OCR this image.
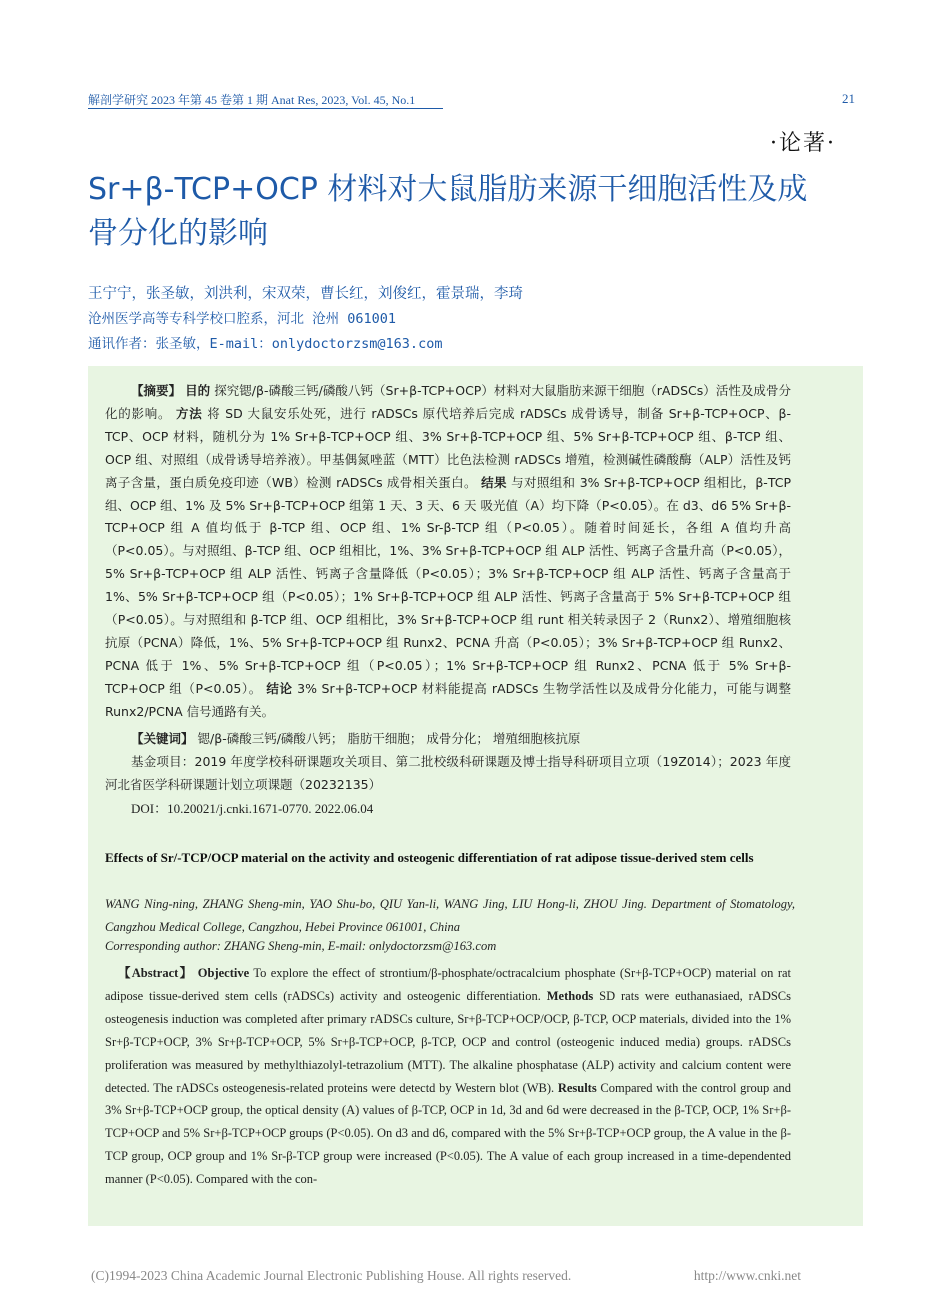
解剖学研究 2023 年第 45 卷第 1 期 Anat Res, 2023, Vol. 45, No.1	21
·论著·
Sr+β-TCP+OCP 材料对大鼠脂肪来源干细胞活性及成骨分化的影响
王宁宁，张圣敏，刘洪利，宋双荣，曹长红，刘俊红，霍景瑞，李琦
沧州医学高等专科学校口腔系，河北 沧州 061001
通讯作者：张圣敏，E-mail：onlydoctorzsm@163.com
【摘要】 目的 探究锶/β-磷酸三钙/磷酸八钙（Sr+β-TCP+OCP）材料对大鼠脂肪来源干细胞（rADSCs）活性及成骨分化的影响。 方法 将 SD 大鼠安乐处死，进行 rADSCs 原代培养后完成 rADSCs 成骨诱导，制备 Sr+β-TCP+OCP、β-TCP、OCP 材料，随机分为 1% Sr+β-TCP+OCP 组、3% Sr+β-TCP+OCP 组、5% Sr+β-TCP+OCP 组、β-TCP 组、OCP 组、对照组（成骨诱导培养液）。甲基偶氮唑蓝（MTT）比色法检测 rADSCs 增殖，检测碱性磷酸酶（ALP）活性及钙离子含量，蛋白质免疫印迹（WB）检测 rADSCs 成骨相关蛋白。 结果 与对照组和 3% Sr+β-TCP+OCP 组相比，β-TCP 组、OCP 组、1% 及 5% Sr+β-TCP+OCP 组第 1 天、3 天、6 天 吸光值（A）均下降（P<0.05）。在 d3、d6 5% Sr+β-TCP+OCP 组 A 值均低于 β-TCP 组、OCP 组、1% Sr-β-TCP 组（P<0.05）。随着时间延长，各组 A 值均升高（P<0.05）。与对照组、β-TCP 组、OCP 组相比，1%、3% Sr+β-TCP+OCP 组 ALP 活性、钙离子含量升高（P<0.05），5% Sr+β-TCP+OCP 组 ALP 活性、钙离子含量降低（P<0.05）；3% Sr+β-TCP+OCP 组 ALP 活性、钙离子含量高于 1%、5% Sr+β-TCP+OCP 组（P<0.05）；1% Sr+β-TCP+OCP 组 ALP 活性、钙离子含量高于 5% Sr+β-TCP+OCP 组（P<0.05）。与对照组和 β-TCP 组、OCP 组相比，3% Sr+β-TCP+OCP 组 runt 相关转录因子 2（Runx2）、增殖细胞核抗原（PCNA）降低，1%、5% Sr+β-TCP+OCP 组 Runx2、PCNA 升高（P<0.05）；3% Sr+β-TCP+OCP 组 Runx2、PCNA 低于 1%、5% Sr+β-TCP+OCP 组（P<0.05）；1% Sr+β-TCP+OCP 组 Runx2、PCNA 低于 5% Sr+β-TCP+OCP 组（P<0.05）。 结论 3% Sr+β-TCP+OCP 材料能提高 rADSCs 生物学活性以及成骨分化能力，可能与调整 Runx2/PCNA 信号通路有关。
【关键词】 锶/β-磷酸三钙/磷酸八钙； 脂肪干细胞； 成骨分化； 增殖细胞核抗原
基金项目：2019 年度学校科研课题攻关项目、第二批校级科研课题及博士指导科研项目立项（19Z014）；2023 年度河北省医学科研课题计划立项课题（20232135）
DOI：10.20021/j.cnki.1671-0770. 2022.06.04
Effects of Sr/-TCP/OCP material on the activity and osteogenic differentiation of rat adipose tissue-derived stem cells
WANG Ning-ning, ZHANG Sheng-min, YAO Shu-bo, QIU Yan-li, WANG Jing, LIU Hong-li, ZHOU Jing. Department of Stomatology, Cangzhou Medical College, Cangzhou, Hebei Province 061001, China
Corresponding author: ZHANG Sheng-min, E-mail: onlydoctorzsm@163.com
【Abstract】 Objective To explore the effect of strontium/β-phosphate/octracalcium phosphate (Sr+β-TCP+OCP) material on rat adipose tissue-derived stem cells (rADSCs) activity and osteogenic differentiation. Methods SD rats were euthanasiaed, rADSCs osteogenesis induction was completed after primary rADSCs culture, Sr+β-TCP+OCP/OCP, β-TCP, OCP materials, divided into the 1% Sr+β-TCP+OCP, 3% Sr+β-TCP+OCP, 5% Sr+β-TCP+OCP, β-TCP, OCP and control (osteogenic induced media) groups. rADSCs proliferation was measured by methylthiazolyl-tetrazolium (MTT). The alkaline phosphatase (ALP) activity and calcium content were detected. The rADSCs osteogenesis-related proteins were detectd by Western blot (WB). Results Compared with the control group and 3% Sr+β-TCP+OCP group, the optical density (A) values of β-TCP, OCP in 1d, 3d and 6d were decreased in the β-TCP, OCP, 1% Sr+β-TCP+OCP and 5% Sr+β-TCP+OCP groups (P<0.05). On d3 and d6, compared with the 5% Sr+β-TCP+OCP group, the A value in the β-TCP group, OCP group and 1% Sr-β-TCP group were increased (P<0.05). The A value of each group increased in a time-dependented manner (P<0.05). Compared with the con-
(C)1994-2023 China Academic Journal Electronic Publishing House. All rights reserved.	http://www.cnki.net
